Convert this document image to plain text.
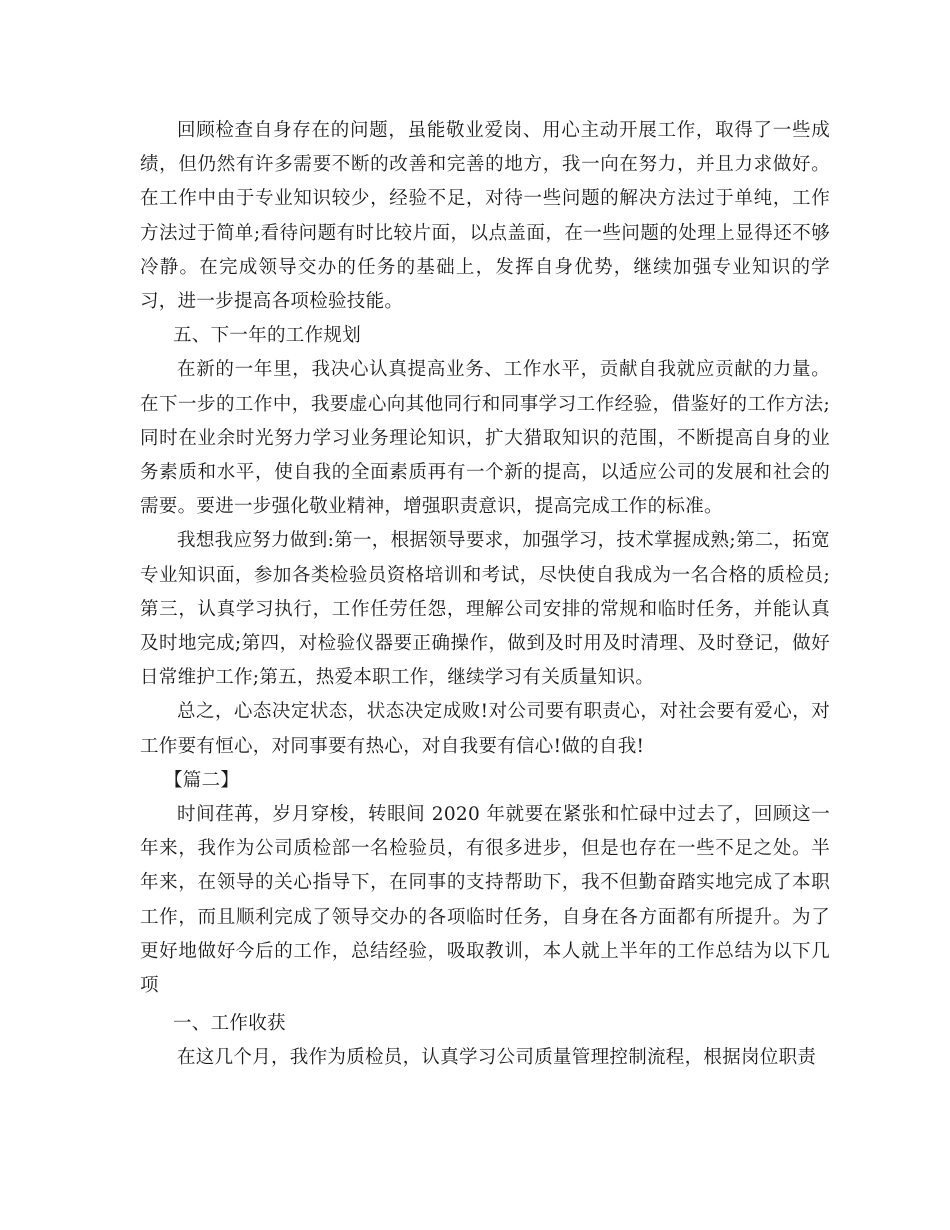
回顾检查自身存在的问题，虽能敬业爱岗、用心主动开展工作，取得了一些成绩，但仍然有许多需要不断的改善和完善的地方，我一向在努力，并且力求做好。在工作中由于专业知识较少，经验不足，对待一些问题的解决方法过于单纯，工作方法过于简单;看待问题有时比较片面，以点盖面，在一些问题的处理上显得还不够冷静。在完成领导交办的任务的基础上，发挥自身优势，继续加强专业知识的学习，进一步提高各项检验技能。

五、下一年的工作规划

在新的一年里，我决心认真提高业务、工作水平，贡献自我就应贡献的力量。在下一步的工作中，我要虚心向其他同行和同事学习工作经验，借鉴好的工作方法;同时在业余时光努力学习业务理论知识，扩大猎取知识的范围，不断提高自身的业务素质和水平，使自我的全面素质再有一个新的提高，以适应公司的发展和社会的需要。要进一步强化敬业精神，增强职责意识，提高完成工作的标准。

我想我应努力做到:第一，根据领导要求，加强学习，技术掌握成熟;第二，拓宽专业知识面，参加各类检验员资格培训和考试，尽快使自我成为一名合格的质检员;第三，认真学习执行，工作任劳任怨，理解公司安排的常规和临时任务，并能认真及时地完成;第四，对检验仪器要正确操作，做到及时用及时清理、及时登记，做好日常维护工作;第五，热爱本职工作，继续学习有关质量知识。

总之，心态决定状态，状态决定成败!对公司要有职责心，对社会要有爱心，对工作要有恒心，对同事要有热心，对自我要有信心!做的自我!

【篇二】

时间荏苒，岁月穿梭，转眼间 2020 年就要在紧张和忙碌中过去了，回顾这一年来，我作为公司质检部一名检验员，有很多进步，但是也存在一些不足之处。半年来，在领导的关心指导下，在同事的支持帮助下，我不但勤奋踏实地完成了本职工作，而且顺利完成了领导交办的各项临时任务，自身在各方面都有所提升。为了更好地做好今后的工作，总结经验，吸取教训，本人就上半年的工作总结为以下几项

一、工作收获

在这几个月，我作为质检员，认真学习公司质量管理控制流程，根据岗位职责
